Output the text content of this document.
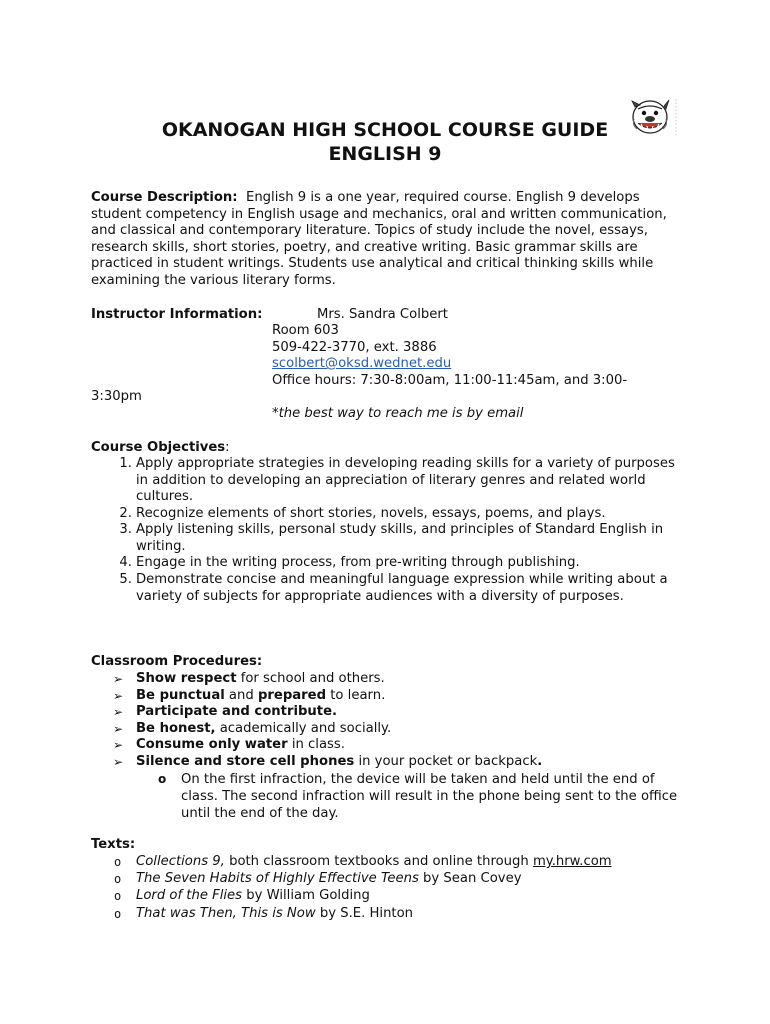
OKANOGAN HIGH SCHOOL COURSE GUIDE
ENGLISH 9
Course Description: English 9 is a one year, required course. English 9 develops student competency in English usage and mechanics, oral and written communication, and classical and contemporary literature. Topics of study include the novel, essays, research skills, short stories, poetry, and creative writing. Basic grammar skills are practiced in student writings. Students use analytical and critical thinking skills while examining the various literary forms.
Instructor Information:	Mrs. Sandra Colbert
Room 603
509-422-3770, ext. 3886
scolbert@oksd.wednet.edu
Office hours: 7:30-8:00am, 11:00-11:45am, and 3:00-
3:30pm
*the best way to reach me is by email
Course Objectives:
1. Apply appropriate strategies in developing reading skills for a variety of purposes in addition to developing an appreciation of literary genres and related world cultures.
2. Recognize elements of short stories, novels, essays, poems, and plays.
3. Apply listening skills, personal study skills, and principles of Standard English in writing.
4. Engage in the writing process, from pre-writing through publishing.
5. Demonstrate concise and meaningful language expression while writing about a variety of subjects for appropriate audiences with a diversity of purposes.
Classroom Procedures:
➢ Show respect for school and others.
➢ Be punctual and prepared to learn.
➢ Participate and contribute.
➢ Be honest, academically and socially.
➢ Consume only water in class.
➢ Silence and store cell phones in your pocket or backpack.
o On the first infraction, the device will be taken and held until the end of class. The second infraction will result in the phone being sent to the office until the end of the day.
Texts:
o Collections 9, both classroom textbooks and online through my.hrw.com
o The Seven Habits of Highly Effective Teens by Sean Covey
o Lord of the Flies by William Golding
o That was Then, This is Now by S.E. Hinton
